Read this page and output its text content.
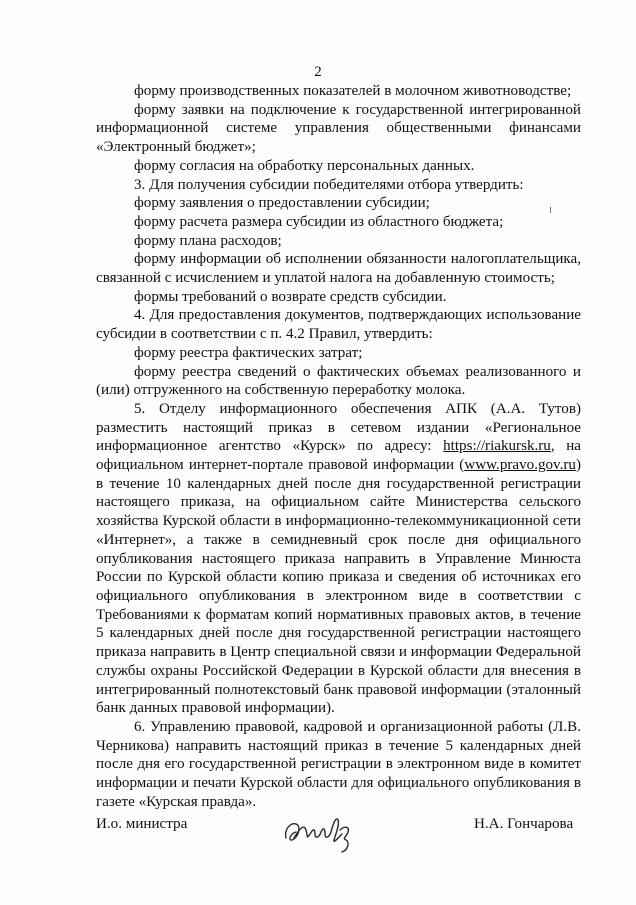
2

форму производственных показателей в молочном животноводстве;

форму заявки на подключение к государственной интегрированной информационной системе управления общественными финансами «Электронный бюджет»;

форму согласия на обработку персональных данных.

3. Для получения субсидии победителями отбора утвердить:

форму заявления о предоставлении субсидии;

форму расчета размера субсидии из областного бюджета;

форму плана расходов;

форму информации об исполнении обязанности налогоплательщика, связанной с исчислением и уплатой налога на добавленную стоимость;

формы требований о возврате средств субсидии.

4. Для предоставления документов, подтверждающих использование субсидии в соответствии с п. 4.2 Правил, утвердить:

форму реестра фактических затрат;

форму реестра сведений о фактических объемах реализованного и (или) отгруженного на собственную переработку молока.

5. Отделу информационного обеспечения АПК (А.А. Тутов) разместить настоящий приказ в сетевом издании «Региональное информационное агентство «Курск» по адресу: https://riakursk.ru, на официальном интернет-портале правовой информации (www.pravo.gov.ru) в течение 10 календарных дней после дня государственной регистрации настоящего приказа, на официальном сайте Министерства сельского хозяйства Курской области в информационно-телекоммуникационной сети «Интернет», а также в семидневный срок после дня официального опубликования настоящего приказа направить в Управление Минюста России по Курской области копию приказа и сведения об источниках его официального опубликования в электронном виде в соответствии с Требованиями к форматам копий нормативных правовых актов, в течение 5 календарных дней после дня государственной регистрации настоящего приказа направить в Центр специальной связи и информации Федеральной службы охраны Российской Федерации в Курской области для внесения в интегрированный полнотекстовый банк правовой информации (эталонный банк данных правовой информации).

6. Управлению правовой, кадровой и организационной работы (Л.В. Черникова) направить настоящий приказ в течение 5 календарных дней после дня его государственной регистрации в электронном виде в комитет информации и печати Курской области для официального опубликования в газете «Курская правда».

И.о. министра	Н.А. Гончарова
